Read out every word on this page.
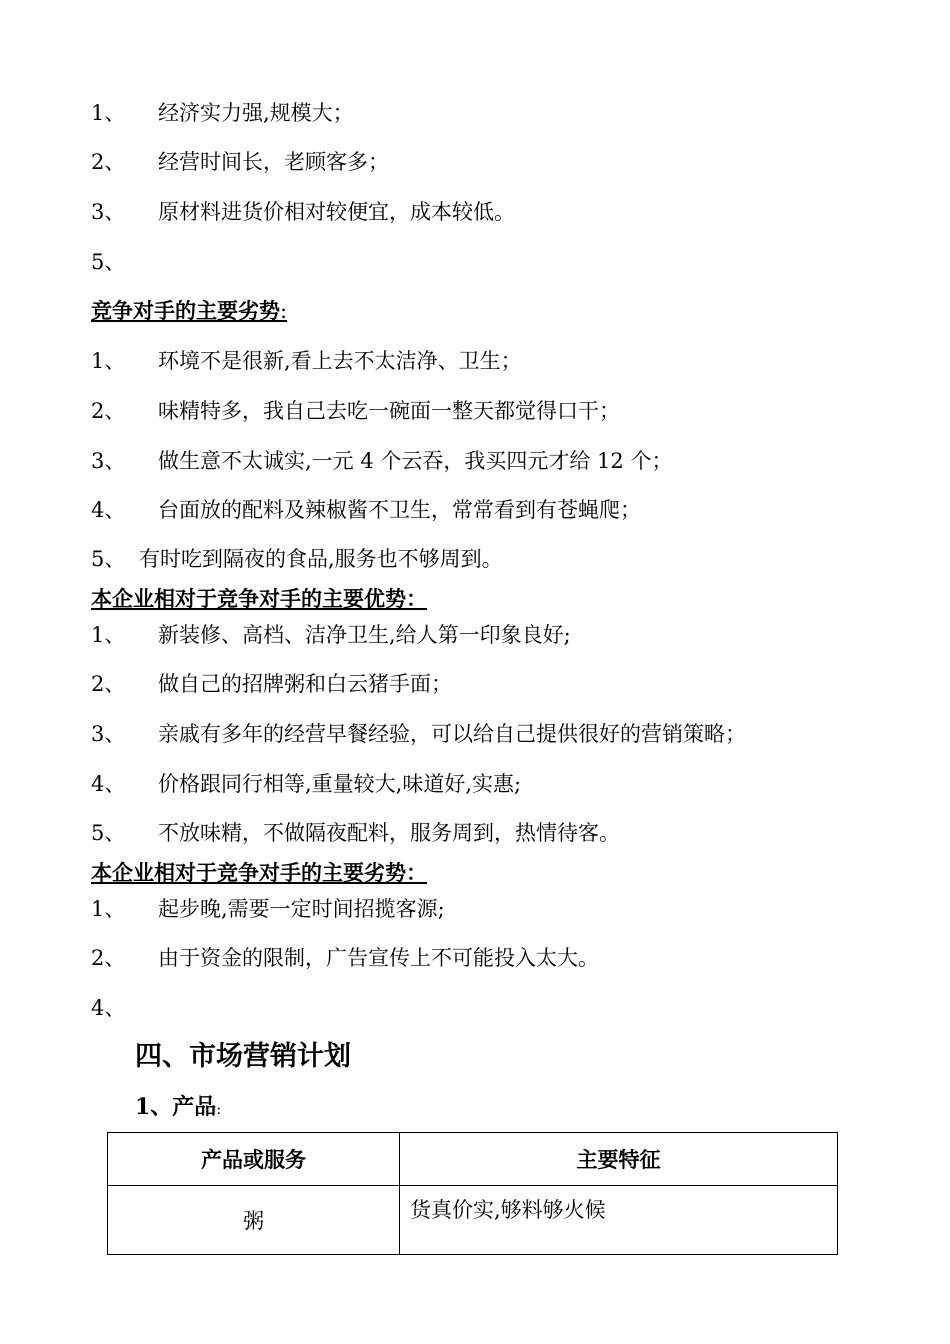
1、 经济实力强,规模大；
2、 经营时间长，老顾客多；
3、 原材料进货价相对较便宜，成本较低。
5、
竞争对手的主要劣势:
1、 环境不是很新,看上去不太洁净、卫生；
2、 味精特多，我自己去吃一碗面一整天都觉得口干；
3、 做生意不太诚实,一元 4 个云吞，我买四元才给 12 个；
4、 台面放的配料及辣椒酱不卫生，常常看到有苍蝇爬；
5、 有时吃到隔夜的食品,服务也不够周到。
本企业相对于竞争对手的主要优势：
1、 新装修、高档、洁净卫生,给人第一印象良好;
2、 做自己的招牌粥和白云猪手面；
3、 亲戚有多年的经营早餐经验，可以给自己提供很好的营销策略；
4、 价格跟同行相等,重量较大,味道好,实惠;
5、 不放味精，不做隔夜配料，服务周到，热情待客。
本企业相对于竞争对手的主要劣势：
1、 起步晚,需要一定时间招揽客源;
2、 由于资金的限制，广告宣传上不可能投入太大。
4、
四、市场营销计划
1、产品:
产品或服务	主要特征
粥	货真价实,够料够火候
